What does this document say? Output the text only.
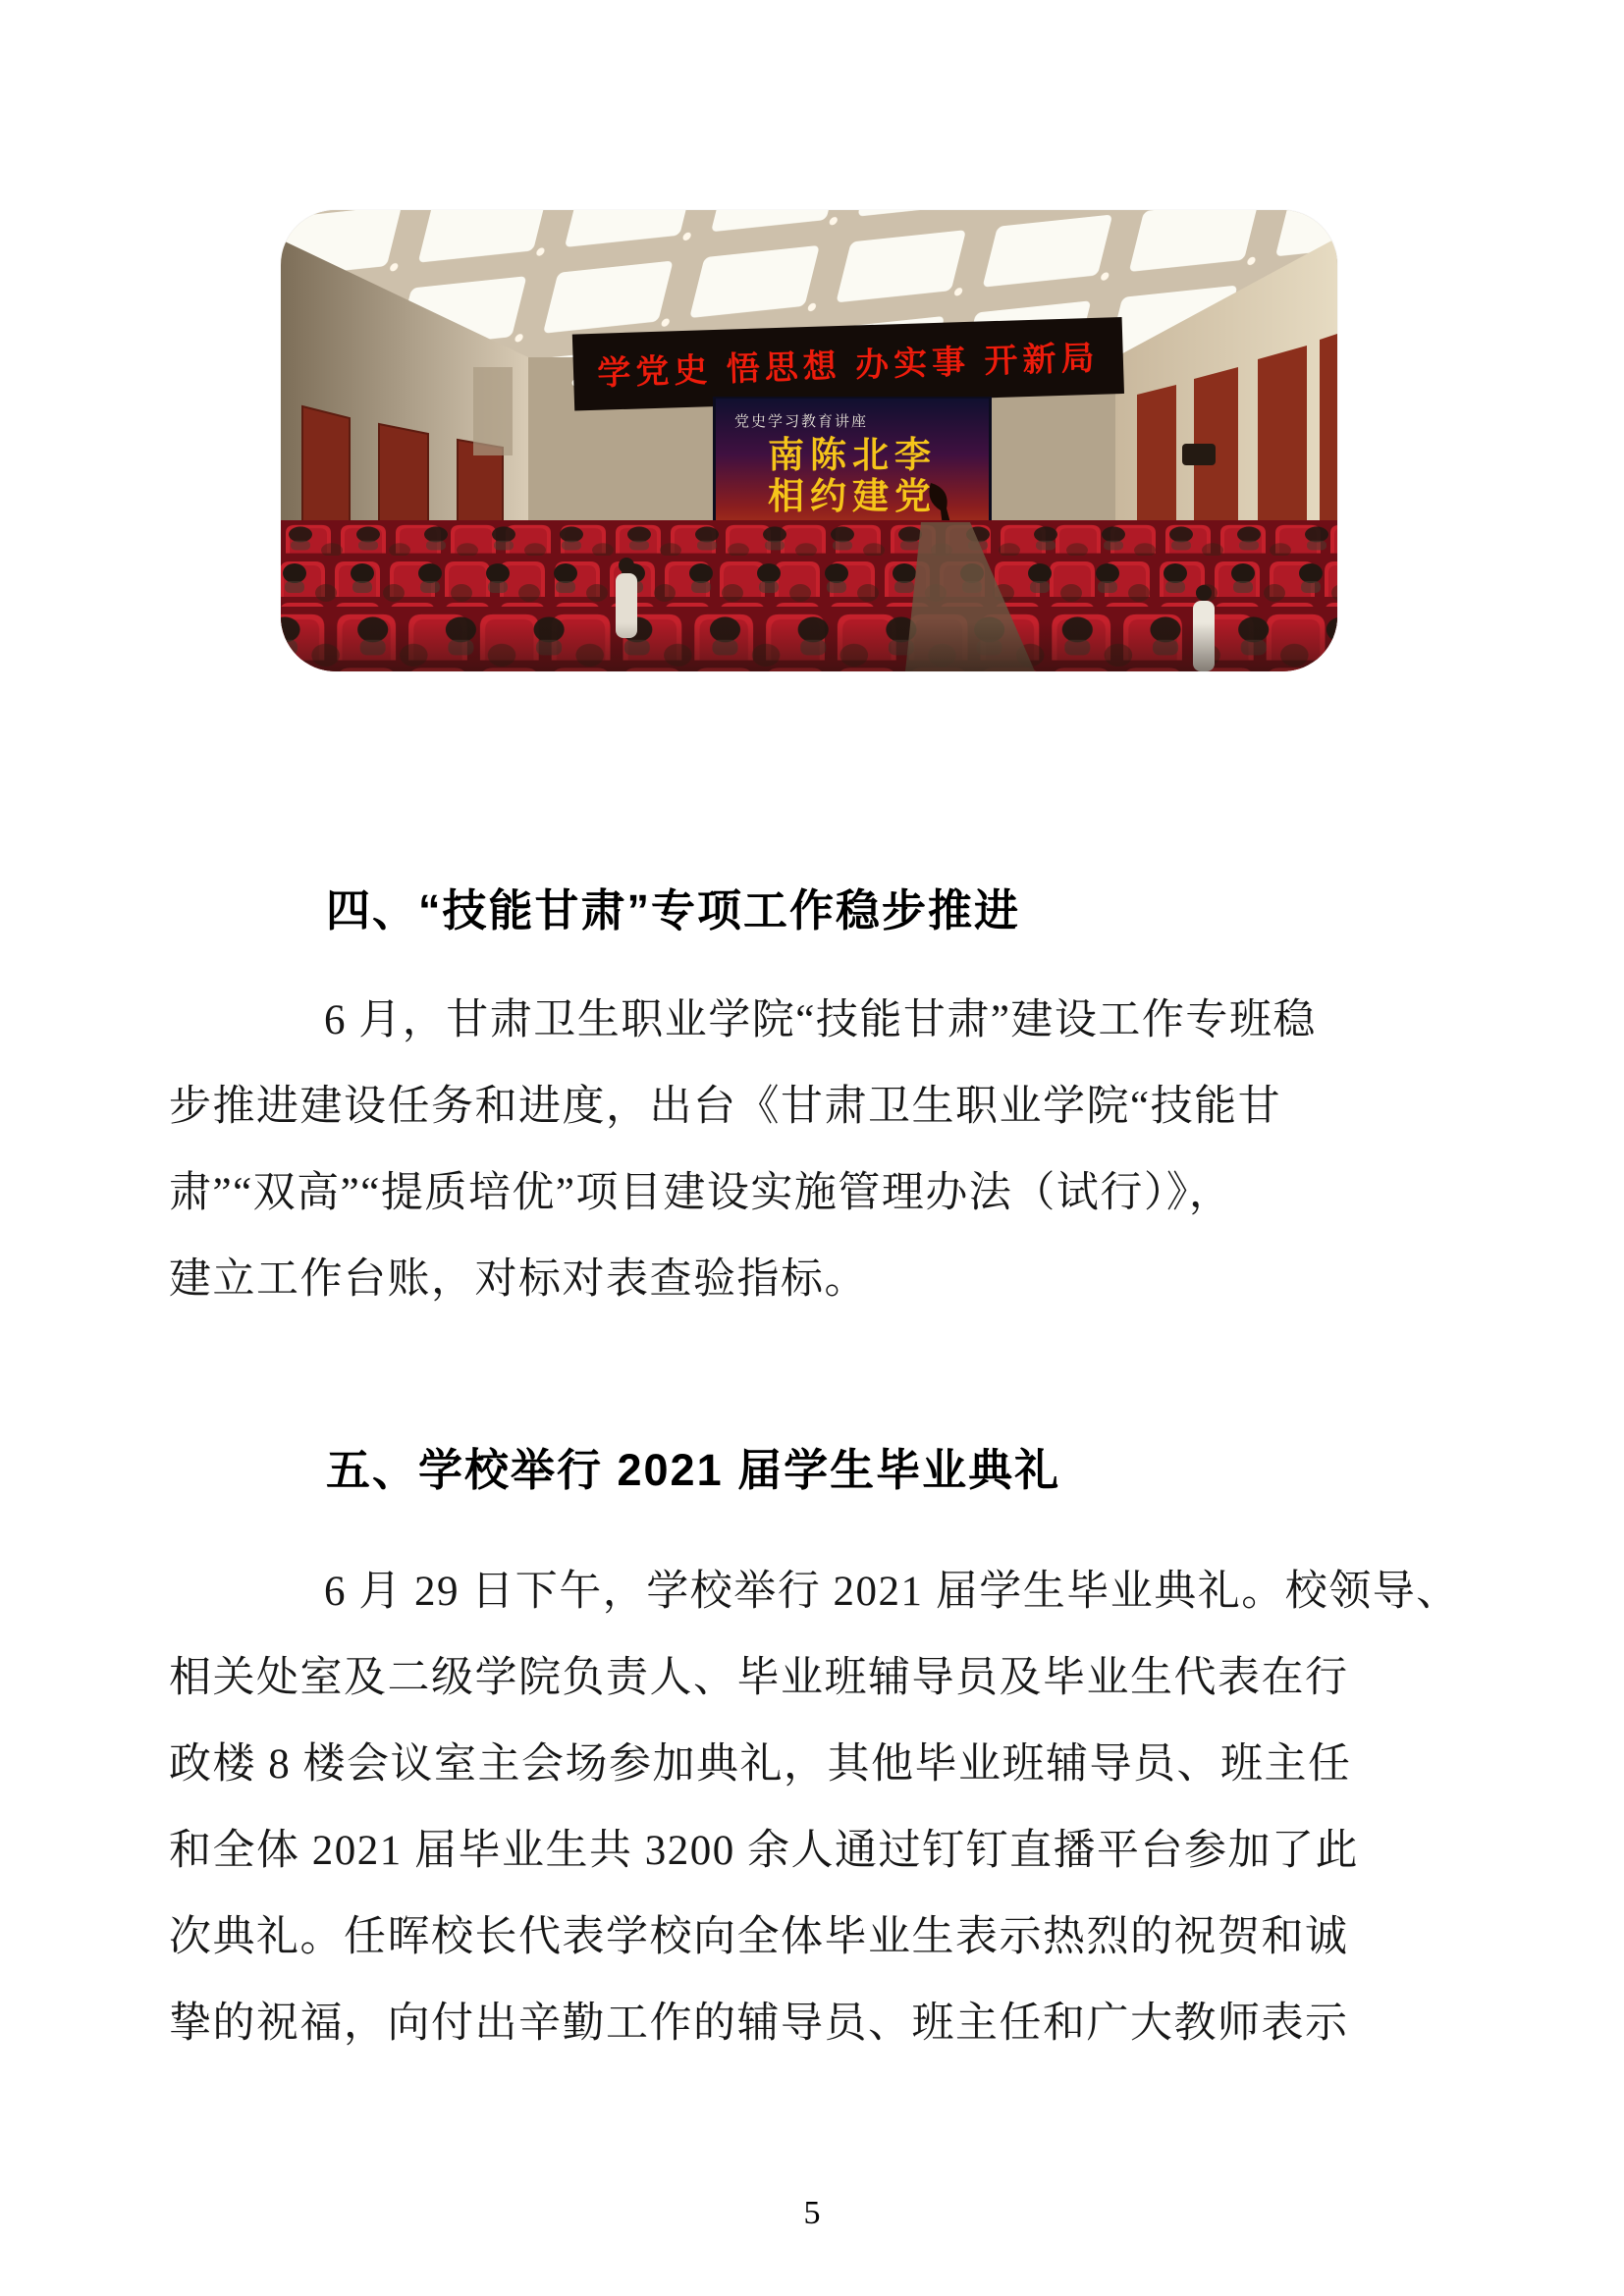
学党史 悟思想 办实事 开新局
党史学习教育讲座
南陈北李
相约建党
四、“技能甘肃”专项工作稳步推进
6 月，甘肃卫生职业学院“技能甘肃”建设工作专班稳
步推进建设任务和进度，出台《甘肃卫生职业学院“技能甘
肃”“双高”“提质培优”项目建设实施管理办法（试行）》，
建立工作台账，对标对表查验指标。
五、学校举行 2021 届学生毕业典礼
6 月 29 日下午，学校举行 2021 届学生毕业典礼。校领导、
相关处室及二级学院负责人、毕业班辅导员及毕业生代表在行
政楼 8 楼会议室主会场参加典礼，其他毕业班辅导员、班主任
和全体 2021 届毕业生共 3200 余人通过钉钉直播平台参加了此
次典礼。任晖校长代表学校向全体毕业生表示热烈的祝贺和诚
挚的祝福，向付出辛勤工作的辅导员、班主任和广大教师表示
5
